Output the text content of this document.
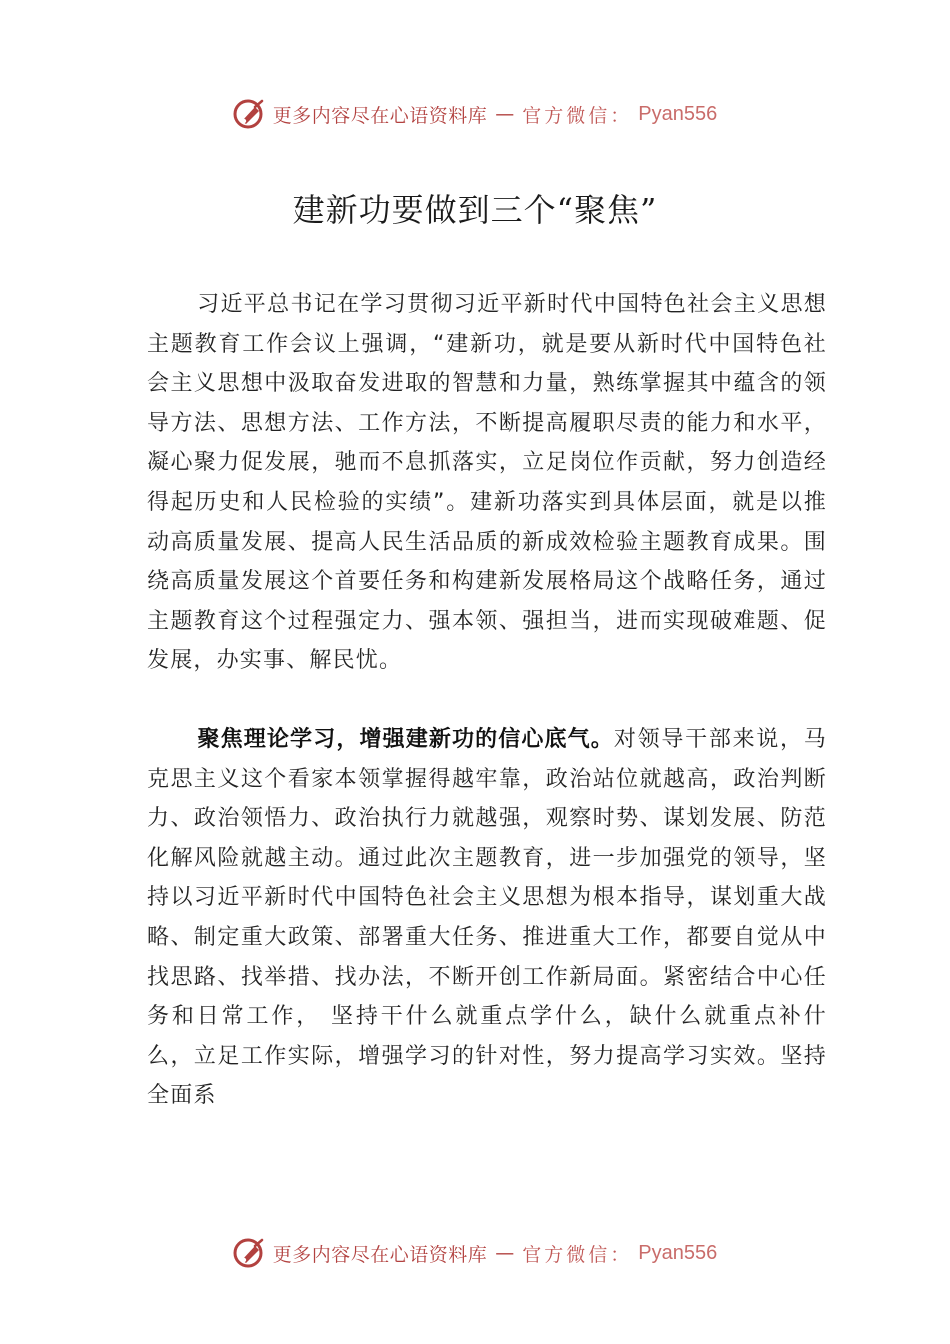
更多内容尽在心语资料库 — 官方微信： Pyan556
建新功要做到三个“聚焦”

习近平总书记在学习贯彻习近平新时代中国特色社会主义思想主题教育工作会议上强调，“建新功，就是要从新时代中国特色社会主义思想中汲取奋发进取的智慧和力量，熟练掌握其中蕴含的领导方法、思想方法、工作方法，不断提高履职尽责的能力和水平，凝心聚力促发展，驰而不息抓落实，立足岗位作贡献，努力创造经得起历史和人民检验的实绩”。建新功落实到具体层面，就是以推动高质量发展、提高人民生活品质的新成效检验主题教育成果。围绕高质量发展这个首要任务和构建新发展格局这个战略任务，通过主题教育这个过程强定力、强本领、强担当，进而实现破难题、促发展，办实事、解民忧。

聚焦理论学习，增强建新功的信心底气。对领导干部来说，马克思主义这个看家本领掌握得越牢靠，政治站位就越高，政治判断力、政治领悟力、政治执行力就越强，观察时势、谋划发展、防范化解风险就越主动。通过此次主题教育，进一步加强党的领导，坚持以习近平新时代中国特色社会主义思想为根本指导，谋划重大战略、制定重大政策、部署重大任务、推进重大工作，都要自觉从中找思路、找举措、找办法，不断开创工作新局面。紧密结合中心任务和日常工作， 坚持干什么就重点学什么，缺什么就重点补什么，立足工作实际，增强学习的针对性，努力提高学习实效。坚持全面系

更多内容尽在心语资料库 — 官方微信： Pyan556
